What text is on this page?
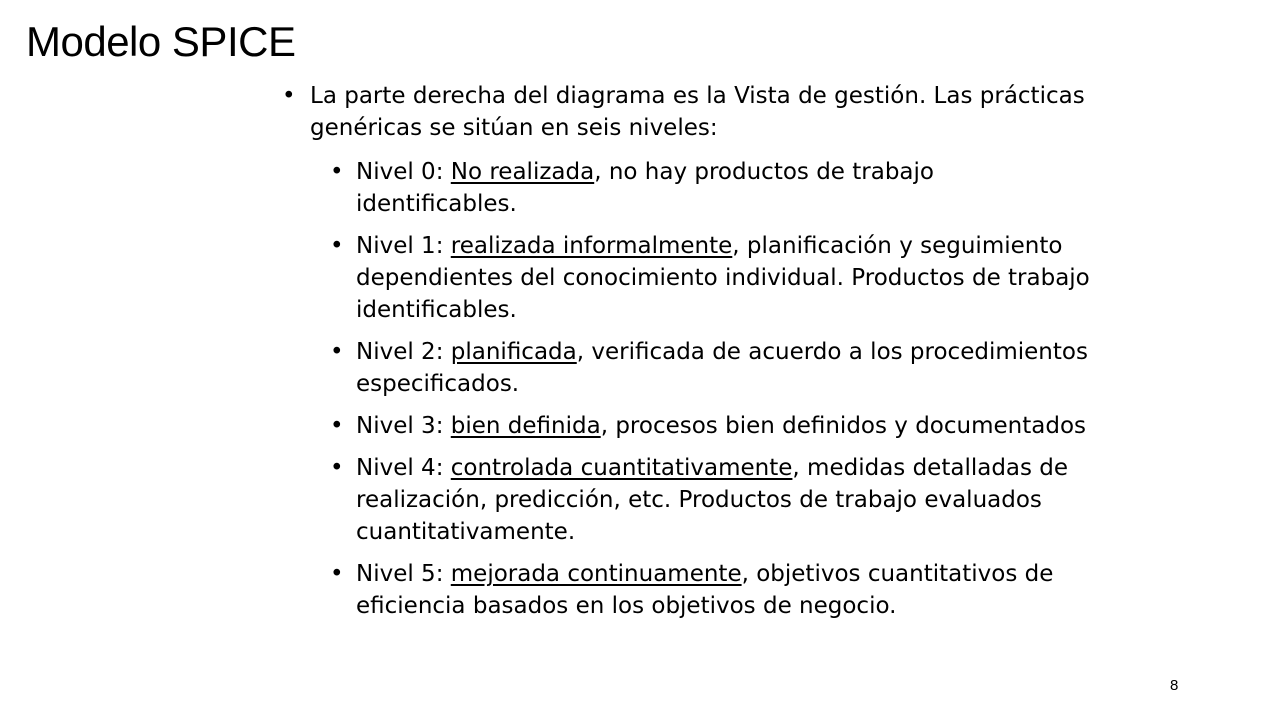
Modelo SPICE

• La parte derecha del diagrama es la Vista de gestión. Las prácticas genéricas se sitúan en seis niveles:

• Nivel 0: No realizada, no hay productos de trabajo identificables.

• Nivel 1: realizada informalmente, planificación y seguimiento dependientes del conocimiento individual. Productos de trabajo identificables.

• Nivel 2: planificada, verificada de acuerdo a los procedimientos especificados.

• Nivel 3: bien definida, procesos bien definidos y documentados

• Nivel 4: controlada cuantitativamente, medidas detalladas de realización, predicción, etc. Productos de trabajo evaluados cuantitativamente.

• Nivel 5: mejorada continuamente, objetivos cuantitativos de eficiencia basados en los objetivos de negocio.

8
